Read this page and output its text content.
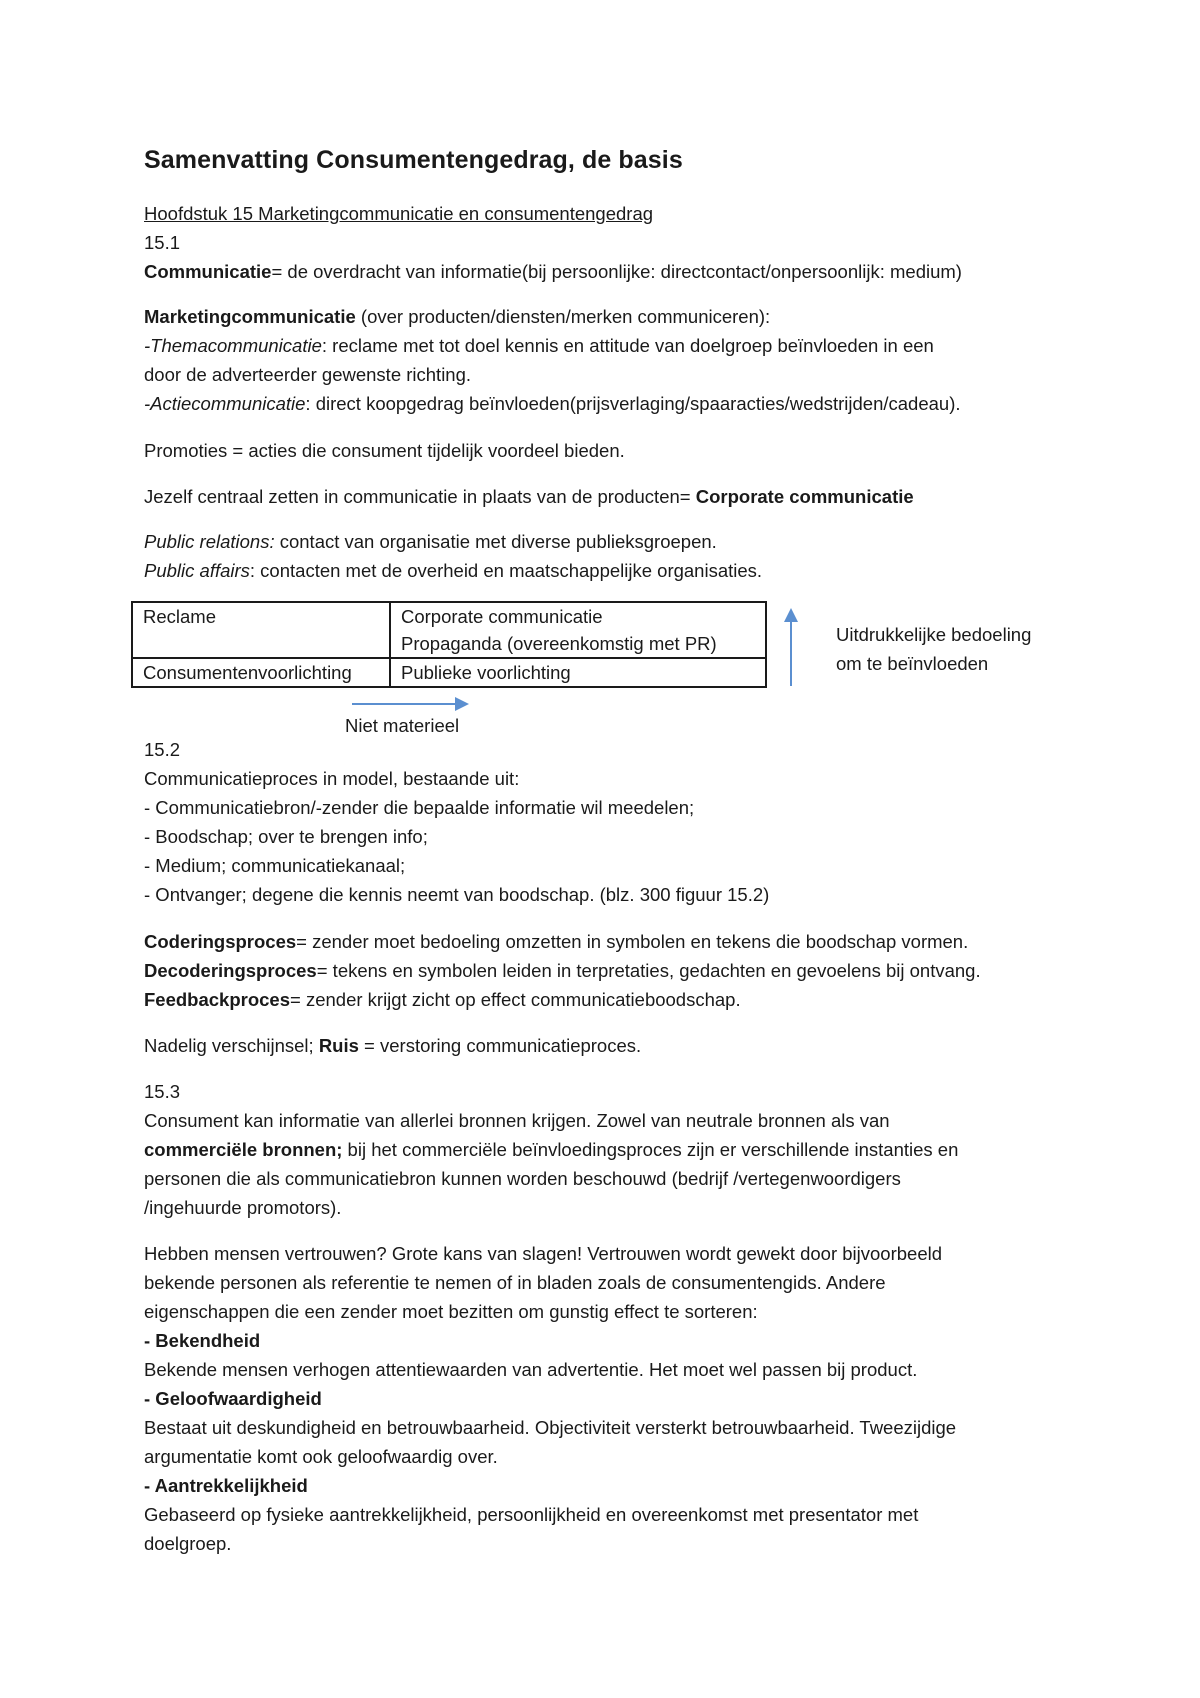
Samenvatting Consumentengedrag, de basis
Hoofdstuk 15 Marketingcommunicatie en consumentengedrag
15.1
Communicatie= de overdracht van informatie(bij persoonlijke: directcontact/onpersoonlijk: medium)
Marketingcommunicatie (over producten/diensten/merken communiceren):
-Themacommunicatie: reclame met tot doel kennis en attitude van doelgroep beïnvloeden in een
door de adverteerder gewenste richting.
-Actiecommunicatie: direct koopgedrag beïnvloeden(prijsverlaging/spaaracties/wedstrijden/cadeau).
Promoties = acties die consument tijdelijk voordeel bieden.
Jezelf centraal zetten in communicatie in plaats van de producten= Corporate communicatie
Public relations: contact van organisatie met diverse publieksgroepen.
Public affairs: contacten met de overheid en maatschappelijke organisaties.
Reclame	Corporate communicatie
Propaganda (overeenkomstig met PR)

Consumentenvoorlichting	Publieke voorlichting
Uitdrukkelijke bedoeling
om te beïnvloeden
Niet materieel
15.2
Communicatieproces in model, bestaande uit:
- Communicatiebron/-zender die bepaalde informatie wil meedelen;
- Boodschap; over te brengen info;
- Medium; communicatiekanaal;
- Ontvanger; degene die kennis neemt van boodschap. (blz. 300 figuur 15.2)
Coderingsproces= zender moet bedoeling omzetten in symbolen en tekens die boodschap vormen.
Decoderingsproces= tekens en symbolen leiden in terpretaties, gedachten en gevoelens bij ontvang.
Feedbackproces= zender krijgt zicht op effect communicatieboodschap.
Nadelig verschijnsel; Ruis = verstoring communicatieproces.
15.3
Consument kan informatie van allerlei bronnen krijgen. Zowel van neutrale bronnen als van
commerciële bronnen; bij het commerciële beïnvloedingsproces zijn er verschillende instanties en
personen die als communicatiebron kunnen worden beschouwd (bedrijf /vertegenwoordigers
/ingehuurde promotors).
Hebben mensen vertrouwen? Grote kans van slagen! Vertrouwen wordt gewekt door bijvoorbeeld
bekende personen als referentie te nemen of in bladen zoals de consumentengids. Andere
eigenschappen die een zender moet bezitten om gunstig effect te sorteren:
- Bekendheid
Bekende mensen verhogen attentiewaarden van advertentie. Het moet wel passen bij product.
- Geloofwaardigheid
Bestaat uit deskundigheid en betrouwbaarheid. Objectiviteit versterkt betrouwbaarheid. Tweezijdige
argumentatie komt ook geloofwaardig over.
- Aantrekkelijkheid
Gebaseerd op fysieke aantrekkelijkheid, persoonlijkheid en overeenkomst met presentator met
doelgroep.
